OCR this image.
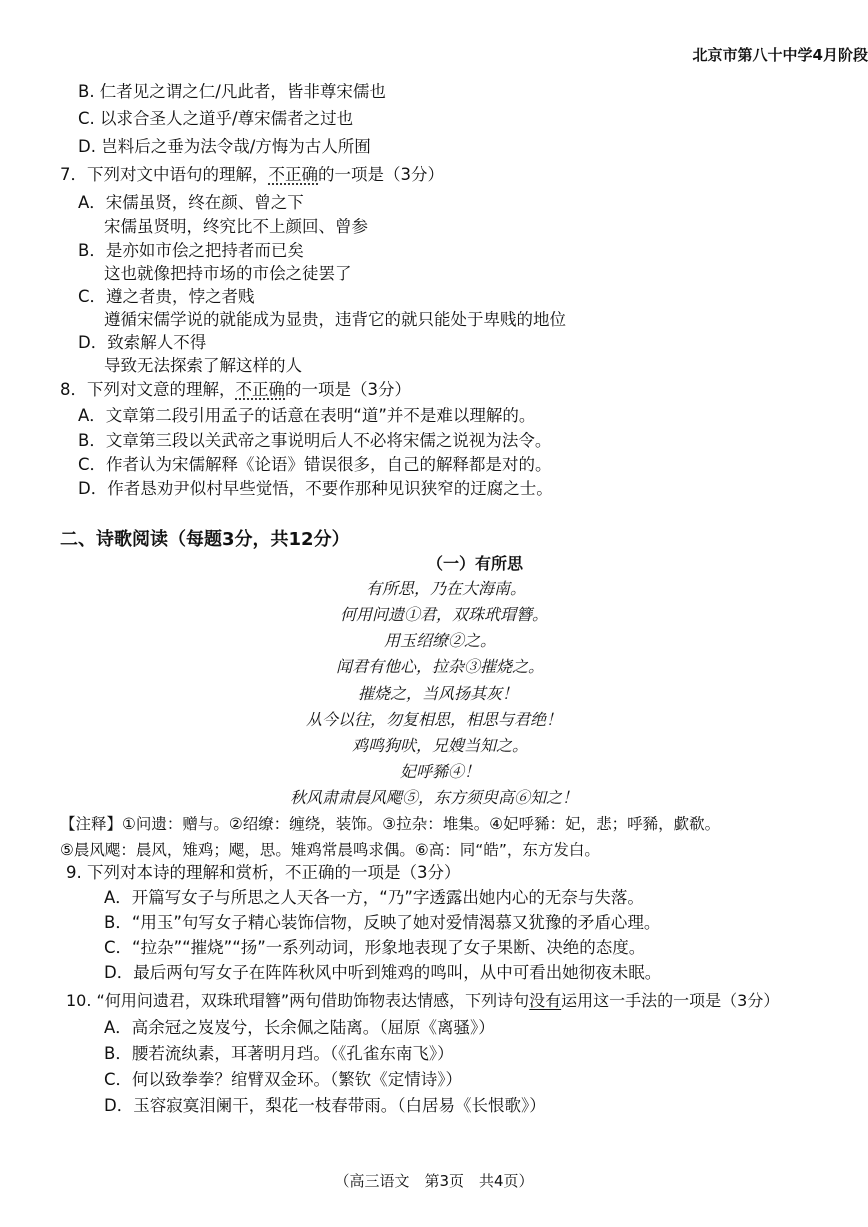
北京市第八十中学4月阶段
B. 仁者见之谓之仁/凡此者，皆非尊宋儒也
C. 以求合圣人之道乎/尊宋儒者之过也
D. 岂料后之垂为法令哉/方悔为古人所囿
7．下列对文中语句的理解，不正确的一项是（3分）
A．宋儒虽贤，终在颜、曾之下
宋儒虽贤明，终究比不上颜回、曾参
B．是亦如市侩之把持者而已矣
这也就像把持市场的市侩之徒罢了
C．遵之者贵，悖之者贱
遵循宋儒学说的就能成为显贵，违背它的就只能处于卑贱的地位
D．致索解人不得
导致无法探索了解这样的人
8．下列对文意的理解，不正确的一项是（3分）
A．文章第二段引用孟子的话意在表明“道”并不是难以理解的。
B．文章第三段以关武帝之事说明后人不必将宋儒之说视为法令。
C．作者认为宋儒解释《论语》错误很多，自己的解释都是对的。
D．作者恳劝尹似村早些觉悟，不要作那种见识狭窄的迂腐之士。
二、诗歌阅读（每题3分，共12分）
（一）有所思
有所思，乃在大海南。
何用问遗①君，双珠玳瑁簪。
用玉绍缭②之。
闻君有他心，拉杂③摧烧之。
摧烧之，当风扬其灰！
从今以往，勿复相思，相思与君绝！
鸡鸣狗吠，兄嫂当知之。
妃呼豨④！
秋风肃肃晨风飔⑤，东方须臾高⑥知之！
【注释】①问遗：赠与。②绍缭：缠绕，装饰。③拉杂：堆集。④妃呼豨：妃，悲；呼豨，歔欷。
⑤晨风飔：晨风，雉鸡；飔，思。雉鸡常晨鸣求偶。⑥高：同“皓”，东方发白。
9. 下列对本诗的理解和赏析，不正确的一项是（3分）
A．开篇写女子与所思之人天各一方，“乃”字透露出她内心的无奈与失落。
B．“用玉”句写女子精心装饰信物，反映了她对爱情渴慕又犹豫的矛盾心理。
C．“拉杂”“摧烧”“扬”一系列动词，形象地表现了女子果断、决绝的态度。
D．最后两句写女子在阵阵秋风中听到雉鸡的鸣叫，从中可看出她彻夜未眠。
10. “何用问遗君，双珠玳瑁簪”两句借助饰物表达情感，下列诗句没有运用这一手法的一项是（3分）
A．高余冠之岌岌兮，长余佩之陆离。（屈原《离骚》）
B．腰若流纨素，耳著明月珰。（《孔雀东南飞》）
C．何以致拳拳？绾臂双金环。（繁钦《定情诗》）
D．玉容寂寞泪阑干，梨花一枝春带雨。（白居易《长恨歌》）
（高三语文　第3页　共4页）
